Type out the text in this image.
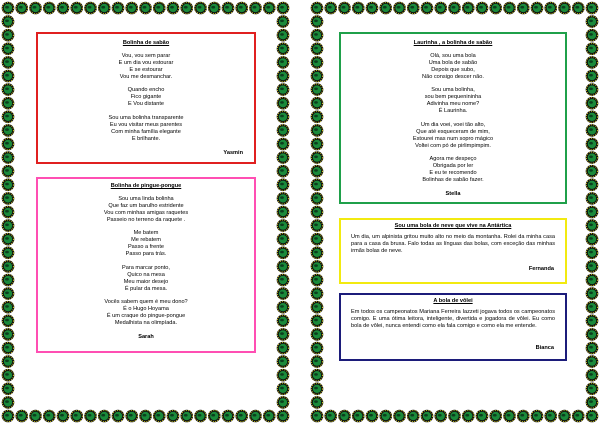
Bolinha de sabão
Vou, vou sem parar
E um dia vou estourar
E se estourar
Vou me desmanchar.
Quando encho
Fico gigante
E Vou distante
Sou uma bolinha transparente
Eu vou visitar meus parentes
Com minha família elegante
E brilhante.
Yasmin
Bolinha de pingue-pongue
Sou uma linda bolinha
Que faz um barulho estridente
Vou com minhas amigas raquetes
Passeio no terreno da raquete .
Me batem
Me rebatem
Passo a frente
Passo para trás.
Para marcar ponto,
Quico na mesa
Meu maior desejo
É pular da mesa.
Vocês sabem quem é meu dono?
É o Hugo Hoyama
É um craque do pingue-pongue
Medalhista na olimpíada.
Sarah
Laurinha , a bolinha de sabão
Olá, sou uma bola
Uma bola de sabão
Depois que subo,
Não consigo descer não.
Sou uma bolinha,
sou bem pequenininha
Adivinha meu nome?
É Laurinha.
Um dia voei, voei tão alto,
Que até esqueceram de mim,
Estourei mas num sopro mágico
Voltei com pó de pirlimpimpim.
Agora me despeço
Obrigada por ler
E eu te recomendo
Bolinhas de sabão fazer.
Stella
Sou uma bola de neve que vive na Antártica
Um dia, um alpinista gritou muito alto no meio da montanha. Rolei da minha casa para a casa da bruxa. Falo todas as línguas das bolas, com exceção das minhas irmãs bolas de neve.
Fernanda
A bola de vôlei
Em todos os campeonatos Mariana Ferreira Iazzeti jogava todos os campeonatos comigo. E uma ótima leitora, inteligente, divertida e jogadora de vôlei. Eu como bola de vôlei, nunca entendi como ela fala comigo e como ela me entende.
Bianca
